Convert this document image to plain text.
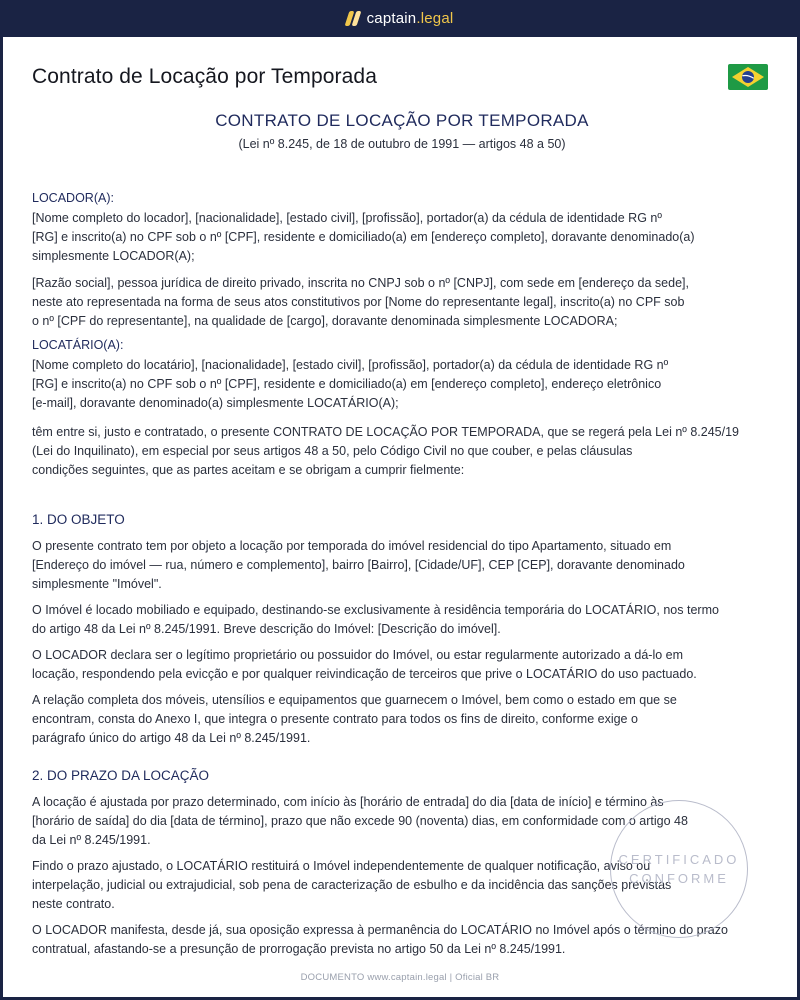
captain.legal
Contrato de Locação por Temporada
CONTRATO DE LOCAÇÃO POR TEMPORADA

(Lei nº 8.245, de 18 de outubro de 1991 — artigos 48 a 50)

LOCADOR(A):

[Nome completo do locador], [nacionalidade], [estado civil], [profissão], portador(a) da cédula de identidade RG nº

[RG] e inscrito(a) no CPF sob o nº [CPF], residente e domiciliado(a) em [endereço completo], doravante denominado(a)

simplesmente LOCADOR(A);

[Razão social], pessoa jurídica de direito privado, inscrita no CNPJ sob o nº [CNPJ], com sede em [endereço da sede],

neste ato representada na forma de seus atos constitutivos por [Nome do representante legal], inscrito(a) no CPF sob

o nº [CPF do representante], na qualidade de [cargo], doravante denominada simplesmente LOCADORA;

LOCATÁRIO(A):

[Nome completo do locatário], [nacionalidade], [estado civil], [profissão], portador(a) da cédula de identidade RG nº

[RG] e inscrito(a) no CPF sob o nº [CPF], residente e domiciliado(a) em [endereço completo], endereço eletrônico

[e-mail], doravante denominado(a) simplesmente LOCATÁRIO(A);

têm entre si, justo e contratado, o presente CONTRATO DE LOCAÇÃO POR TEMPORADA, que se regerá pela Lei nº 8.245/19

(Lei do Inquilinato), em especial por seus artigos 48 a 50, pelo Código Civil no que couber, e pelas cláusulas

condições seguintes, que as partes aceitam e se obrigam a cumprir fielmente:

1. DO OBJETO

O presente contrato tem por objeto a locação por temporada do imóvel residencial do tipo Apartamento, situado em

[Endereço do imóvel — rua, número e complemento], bairro [Bairro], [Cidade/UF], CEP [CEP], doravante denominado

simplesmente "Imóvel".

O Imóvel é locado mobiliado e equipado, destinando-se exclusivamente à residência temporária do LOCATÁRIO, nos termo

do artigo 48 da Lei nº 8.245/1991. Breve descrição do Imóvel: [Descrição do imóvel].

O LOCADOR declara ser o legítimo proprietário ou possuidor do Imóvel, ou estar regularmente autorizado a dá-lo em

locação, respondendo pela evicção e por qualquer reivindicação de terceiros que prive o LOCATÁRIO do uso pactuado.

A relação completa dos móveis, utensílios e equipamentos que guarnecem o Imóvel, bem como o estado em que se

encontram, consta do Anexo I, que integra o presente contrato para todos os fins de direito, conforme exige o

parágrafo único do artigo 48 da Lei nº 8.245/1991.

2. DO PRAZO DA LOCAÇÃO

A locação é ajustada por prazo determinado, com início às [horário de entrada] do dia [data de início] e término às

[horário de saída] do dia [data de término], prazo que não excede 90 (noventa) dias, em conformidade com o artigo 48

da Lei nº 8.245/1991.

Findo o prazo ajustado, o LOCATÁRIO restituirá o Imóvel independentemente de qualquer notificação, aviso ou

interpelação, judicial ou extrajudicial, sob pena de caracterização de esbulho e da incidência das sanções previstas

neste contrato.

O LOCADOR manifesta, desde já, sua oposição expressa à permanência do LOCATÁRIO no Imóvel após o término do prazo

contratual, afastando-se a presunção de prorrogação prevista no artigo 50 da Lei nº 8.245/1991.

CERTIFICADO
CONFORME
DOCUMENTO www.captain.legal | Oficial BR
